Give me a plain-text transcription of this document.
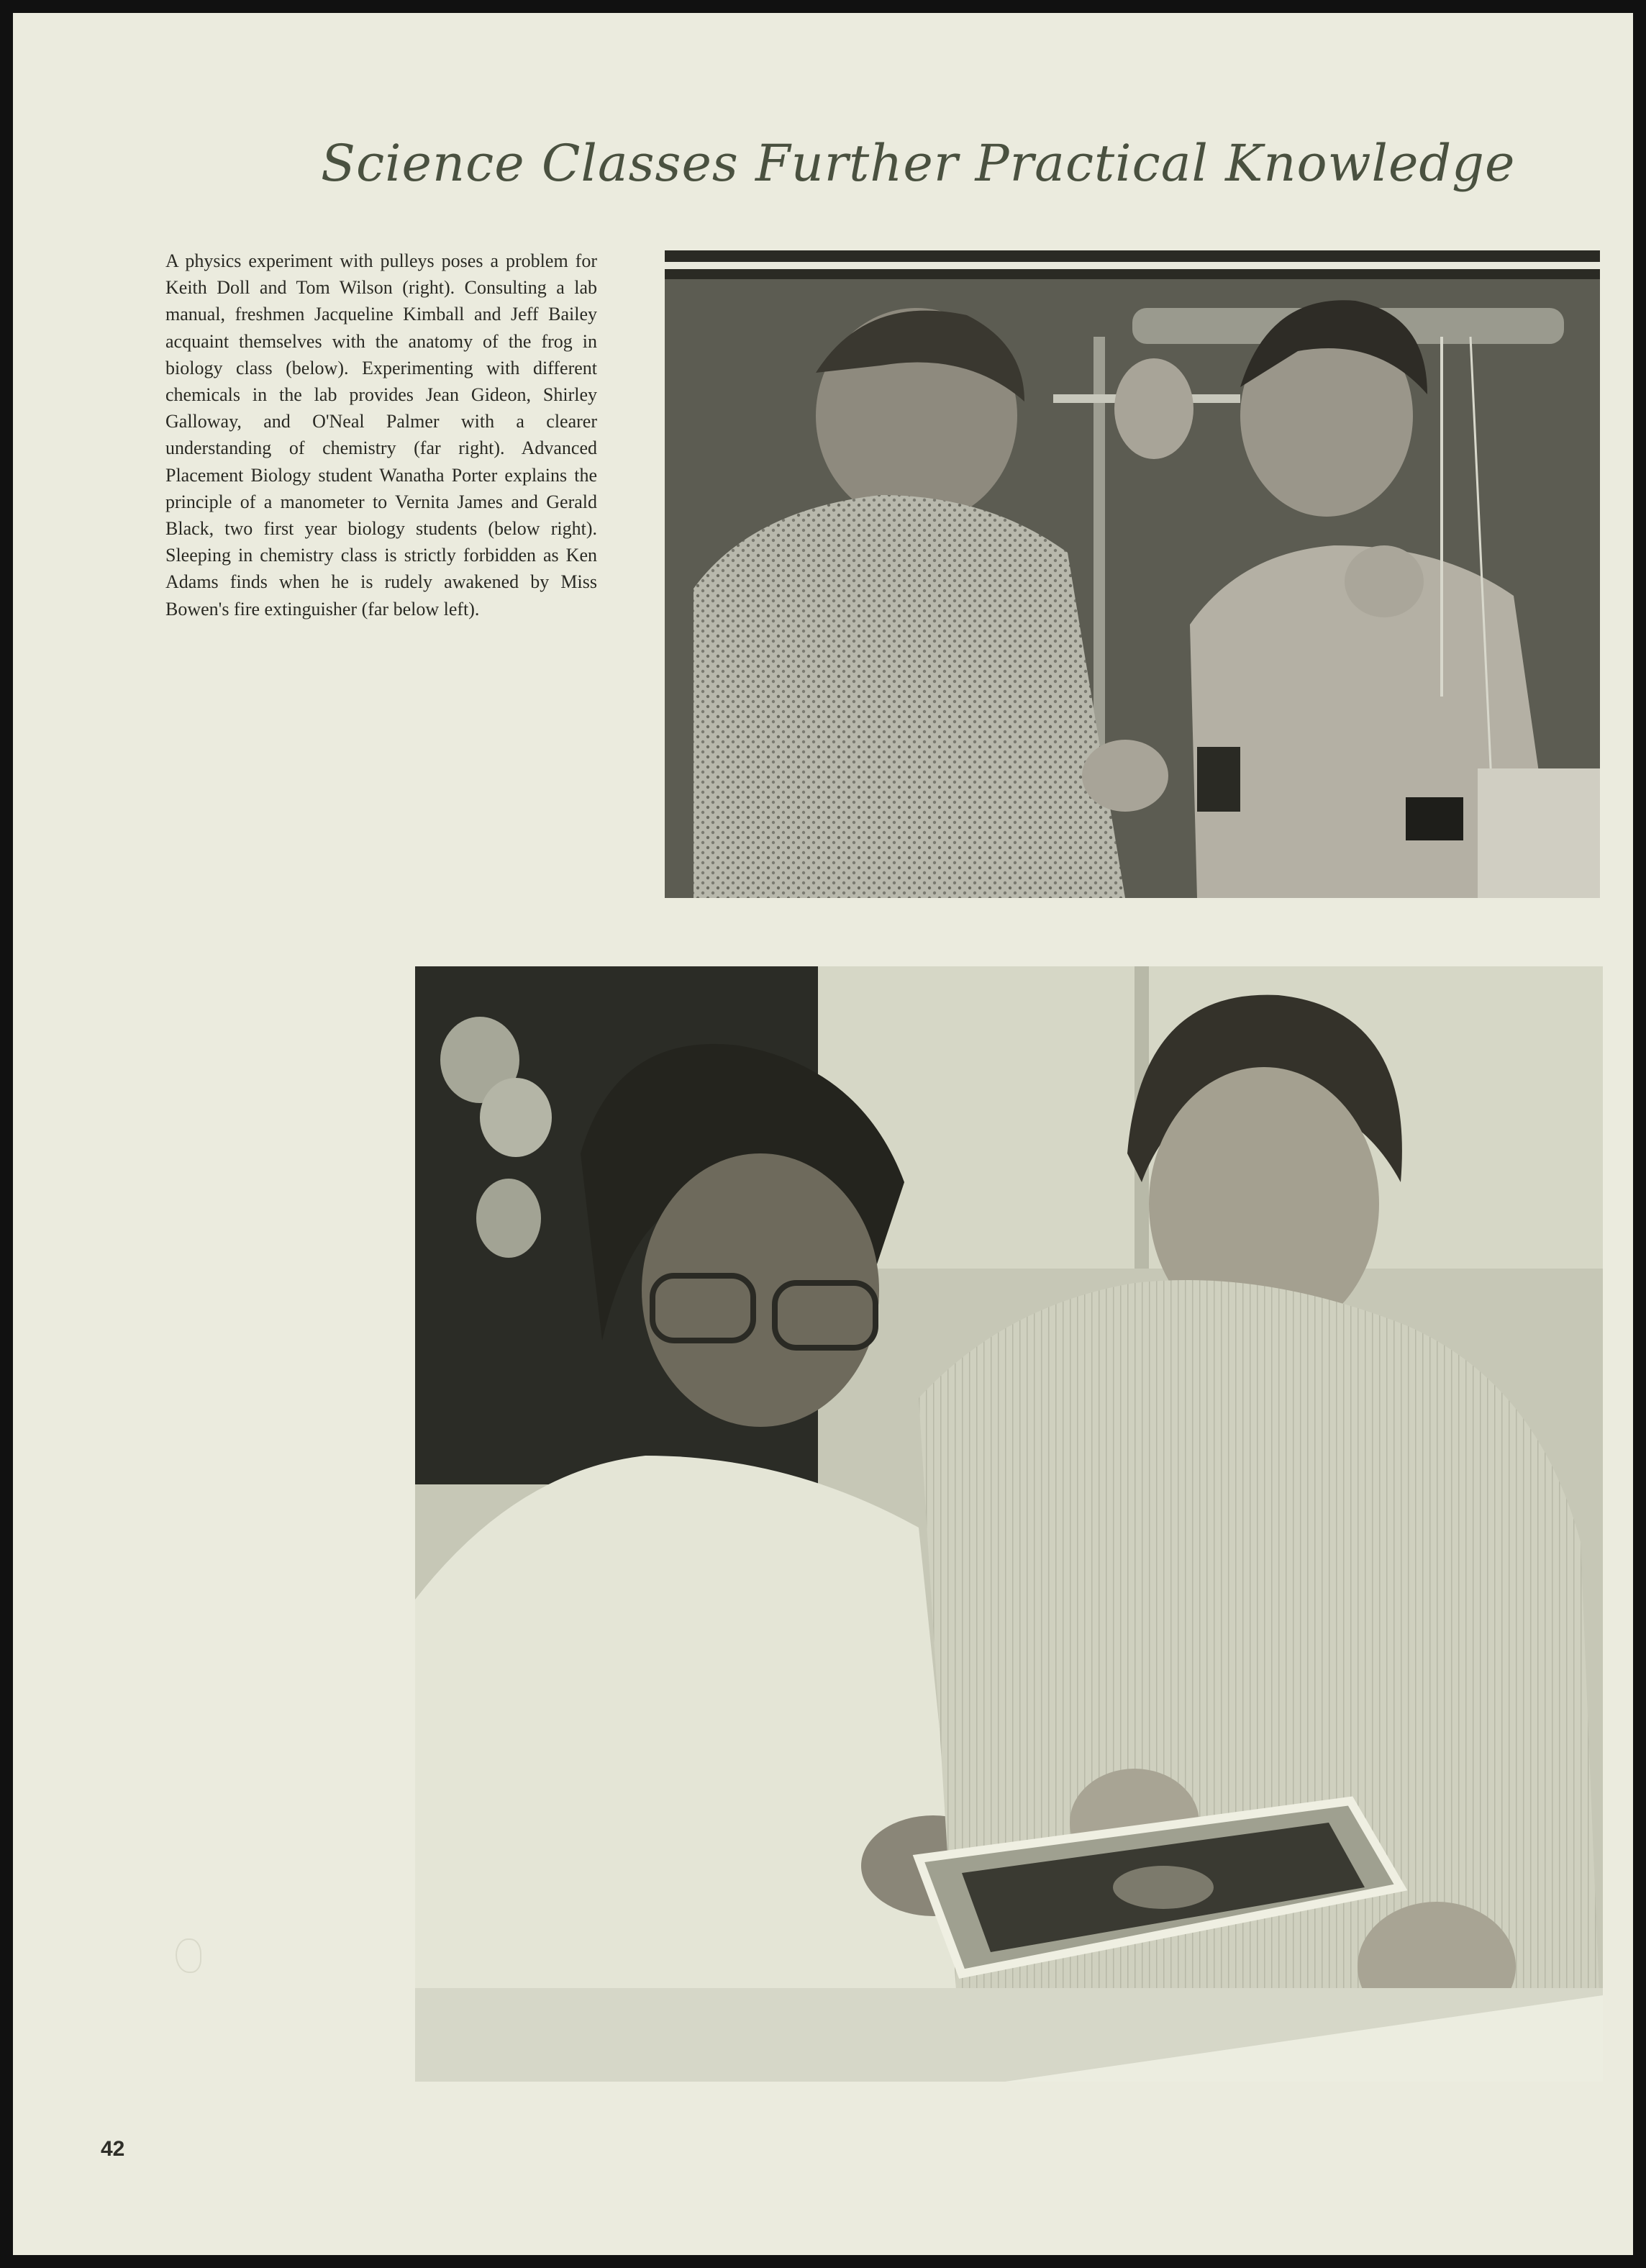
Science Classes Further Practical Knowledge

A physics experiment with pulleys poses a problem for Keith Doll and Tom Wilson (right). Consulting a lab manual, freshmen Jacqueline Kimball and Jeff Bailey acquaint themselves with the anatomy of the frog in biology class (below). Experimenting with different chemicals in the lab provides Jean Gideon, Shirley Galloway, and O'Neal Palmer with a clearer understanding of chemistry (far right). Advanced Placement Biology student Wanatha Porter explains the principle of a manometer to Vernita James and Gerald Black, two first year biology students (below right). Sleeping in chemistry class is strictly forbidden as Ken Adams finds when he is rudely awakened by Miss Bowen's fire extinguisher (far below left).

42
